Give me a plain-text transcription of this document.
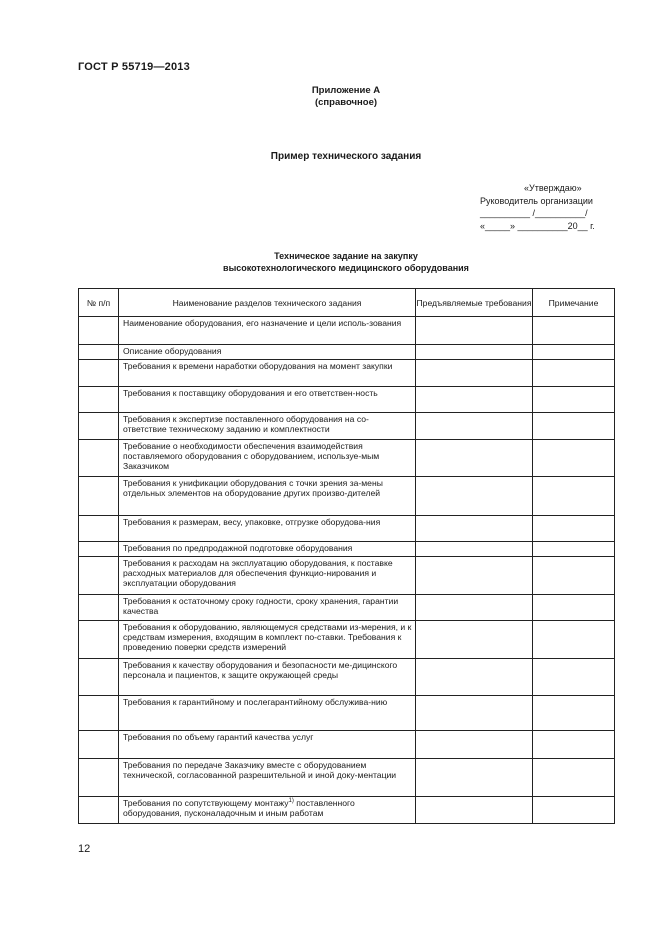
ГОСТ Р 55719—2013
Приложение А
(справочное)
Пример технического задания
«Утверждаю»
Руководитель организации
__________ /__________/
«_____» __________20__ г.
Техническое задание на закупку
высокотехнологического медицинского оборудования
№ п/п	Наименование разделов технического задания	Предъявляемые требования	Примечание
	Наименование оборудования, его назначение и цели исполь-зования		
	Описание оборудования		
	Требования к времени наработки оборудования на момент закупки		
	Требования к поставщику оборудования и его ответствен-ность		
	Требования к экспертизе поставленного оборудования на со-ответствие техническому заданию и комплектности		
	Требование о необходимости обеспечения взаимодействия поставляемого оборудования с оборудованием, используе-мым Заказчиком		
	Требования к унификации оборудования с точки зрения за-мены отдельных элементов на оборудование других произво-дителей		
	Требования к размерам, весу, упаковке, отгрузке оборудова-ния		
	Требования по предпродажной подготовке оборудования		
	Требования к расходам на эксплуатацию оборудования, к поставке расходных материалов для обеспечения функцио-нирования и эксплуатации оборудования		
	Требования к остаточному сроку годности, сроку хранения, гарантии качества		
	Требования к оборудованию, являющемуся средствами из-мерения, и к средствам измерения, входящим в комплект по-ставки. Требования к проведению поверки средств измерений		
	Требования к качеству оборудования и безопасности ме-дицинского персонала и пациентов, к защите окружающей среды		
	Требования к гарантийному и послегарантийному обслужива-нию		
	Требования по объему гарантий качества услуг		
	Требования по передаче Заказчику вместе с оборудованием технической, согласованной разрешительной и иной доку-ментации		
	Требования по сопутствующему монтажу$^{1)}$ поставленного оборудования, пусконаладочным и иным работам		
12
